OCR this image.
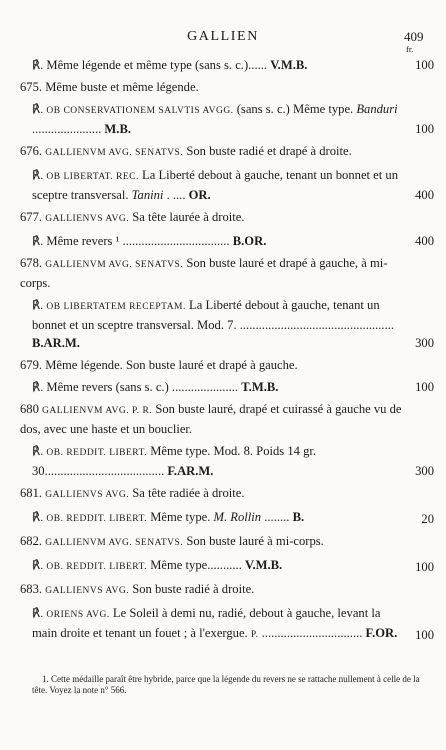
GALLIEN	409
fr.
℟. Même légende et même type (sans s. c.)...... V.M.B.	100
675. Même buste et même légende.
℟. OB CONSERVATIONEM SALVTIS AVGG. (sans s. c.) Même type. Banduri ...................... M.B.	100
676. GALLIENVM AVG. SENATVS. Son buste radié et drapé à droite.
℟. OB LIBERTAT. REC. La Liberté debout à gauche, tenant un bonnet et un sceptre transversal. Tanini . .... OR.	400
677. GALLIENVS AVG. Sa tête laurée à droite.
℟. Même revers ¹ .................................. B.OR.	400
678. GALLIENVM AVG. SENATVS. Son buste lauré et drapé à gauche, à mi-corps.
℟. OB LIBERTATEM RECEPTAM. La Liberté debout à gauche, tenant un bonnet et un sceptre transversal. Mod. 7. ................................................. B.AR.M.	300
679. Même légende. Son buste lauré et drapé à gauche.
℟. Même revers (sans s. c.) ..................... T.M.B.	100
680 GALLIENVM AVG. P. R. Son buste lauré, drapé et cuirassé à gauche vu de dos, avec une haste et un bouclier.
℟. OB. REDDIT. LIBERT. Même type. Mod. 8. Poids 14 gr. 30...................................... F.AR.M.	300
681. GALLIENVS AVG. Sa tête radiée à droite.
℟. OB. REDDIT. LIBERT. Même type. M. Rollin ........ B.	20
682. GALLIENVM AVG. SENATVS. Son buste lauré à mi-corps.
℟. OB. REDDIT. LIBERT. Même type........... V.M.B.	100
683. GALLIENVS AVG. Son buste radié à droite.
℟. ORIENS AVG. Le Soleil à demi nu, radié, debout à gauche, levant la main droite et tenant un fouet ; à l'exergue. P. ................................ F.OR.	100
1. Cette médaille paraît être hybride, parce que la légende du revers ne se rattache nullement à celle de la tête. Voyez la note n° 566.
